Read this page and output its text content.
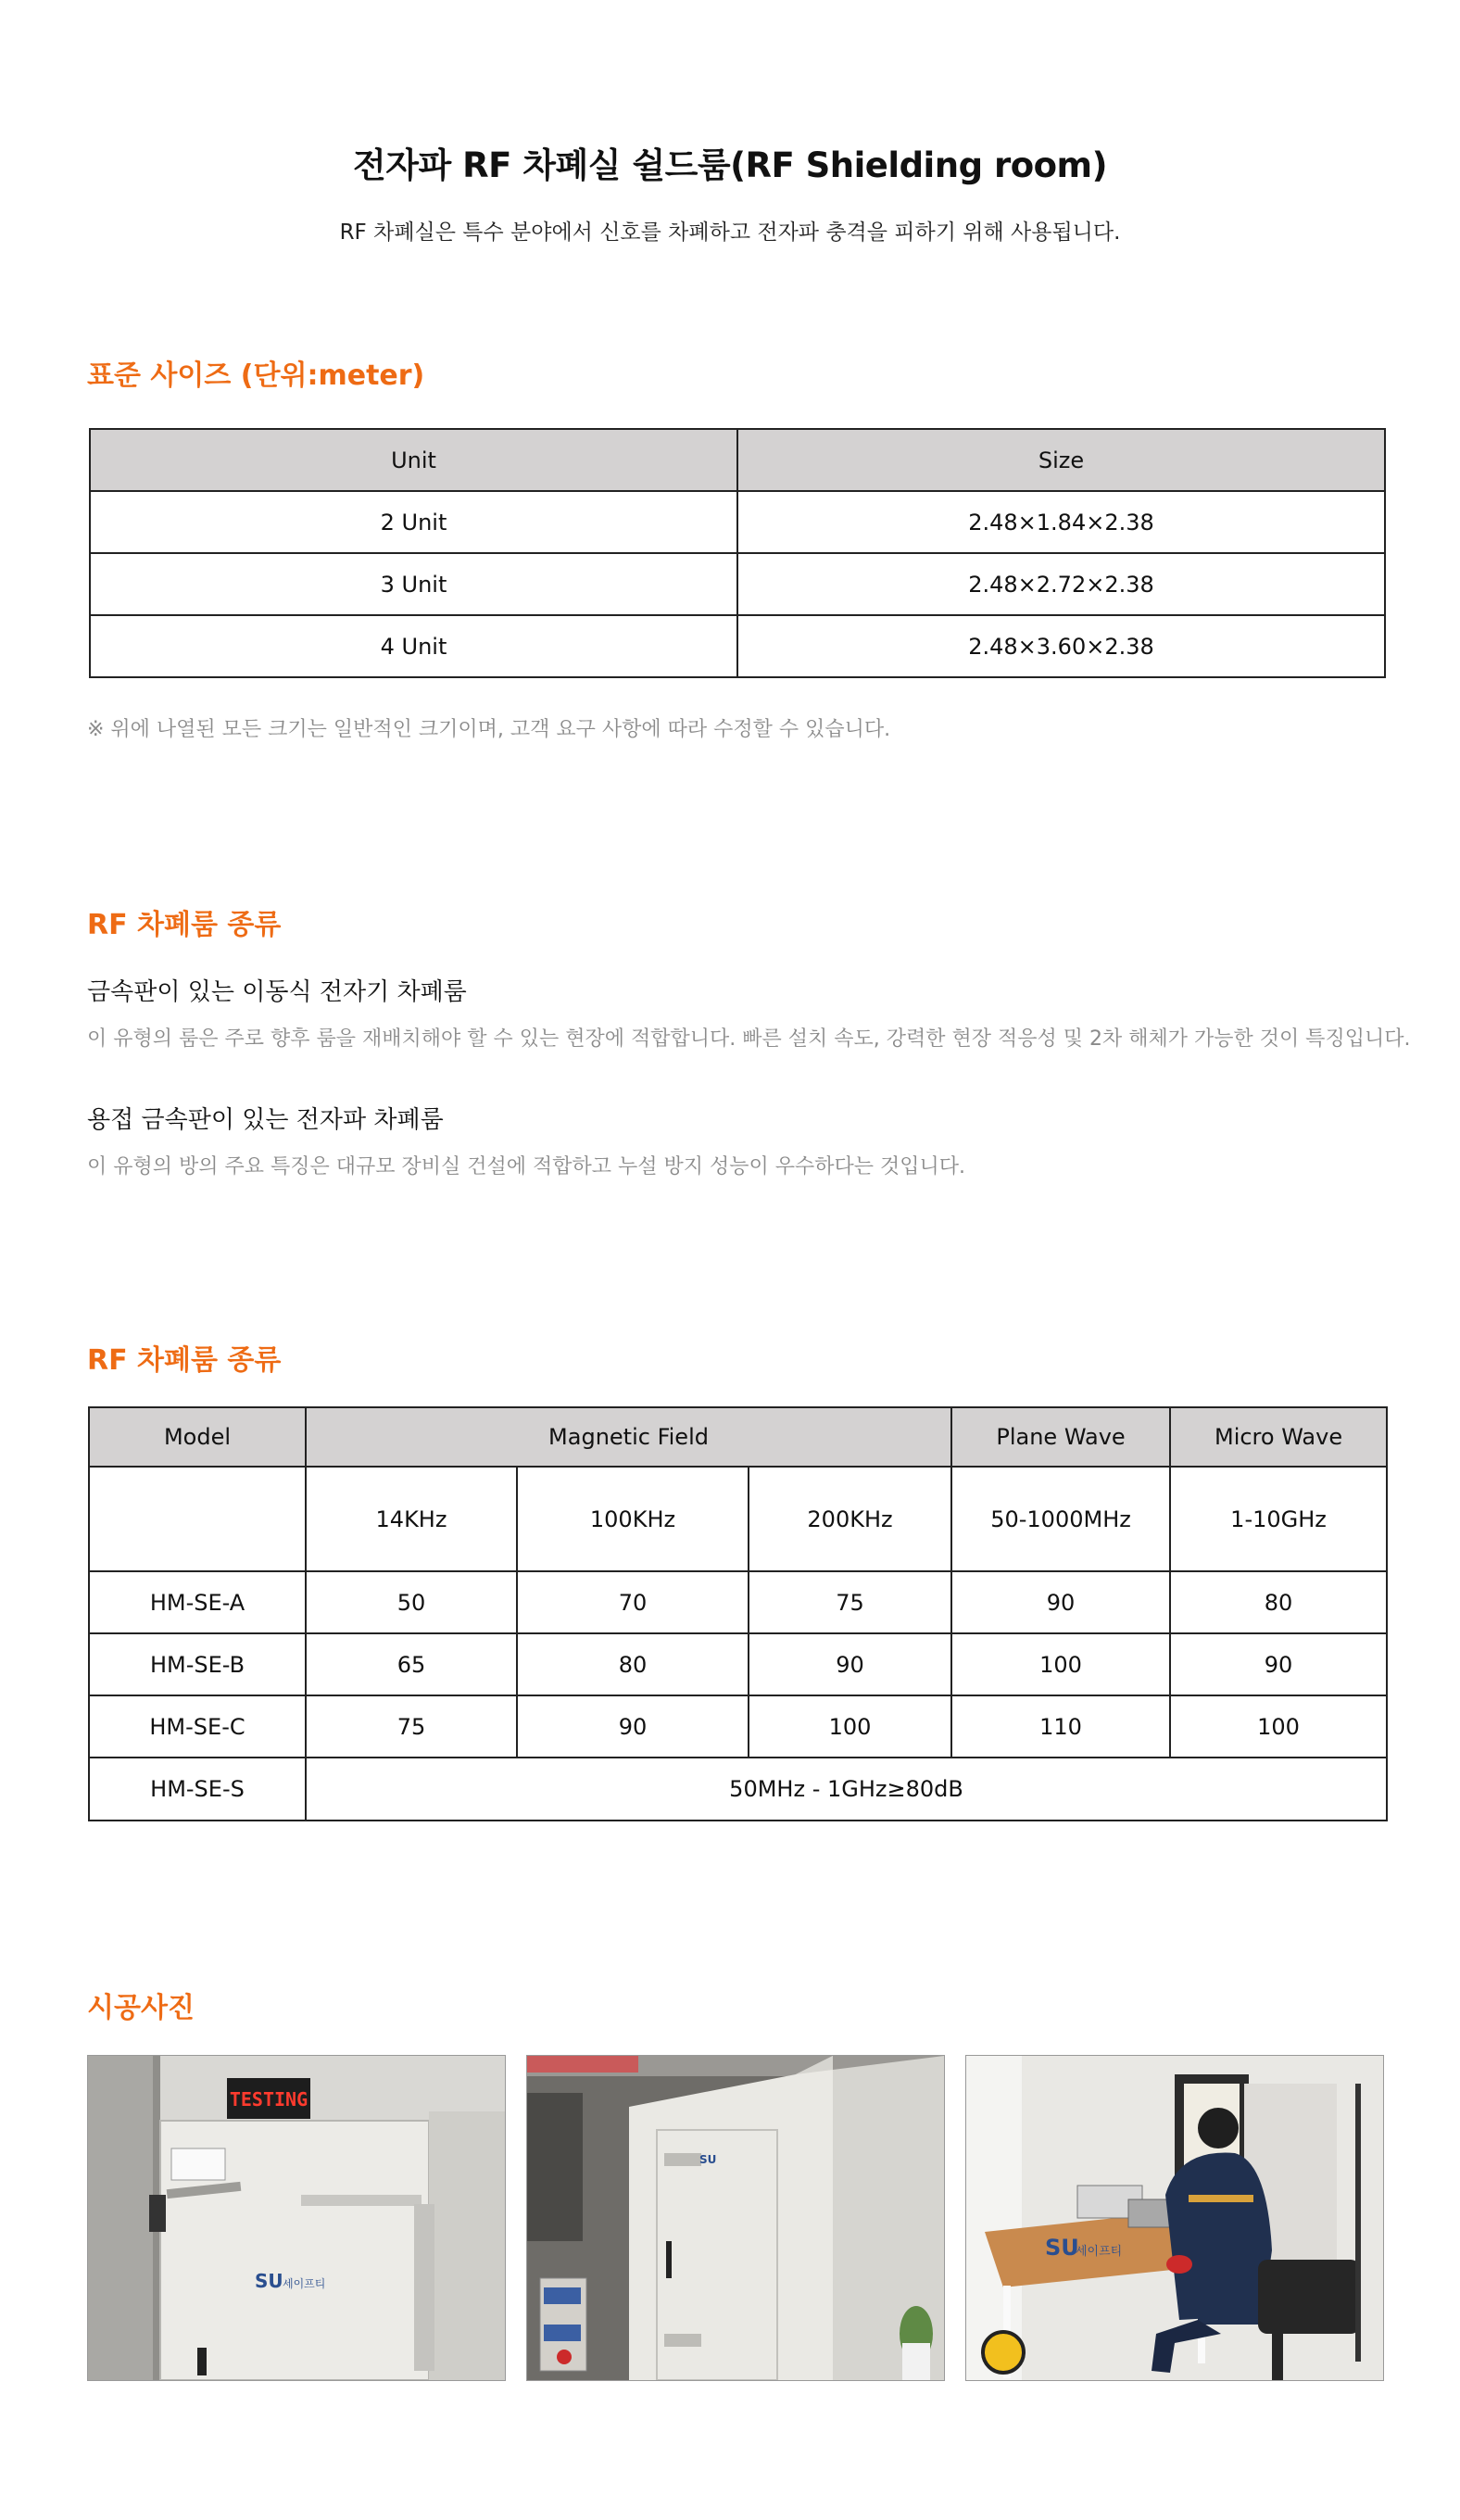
전자파 RF 차폐실 쉴드룸(RF Shielding room)

RF 차폐실은 특수 분야에서 신호를 차폐하고 전자파 충격을 피하기 위해 사용됩니다.

표준 사이즈 (단위:meter)
Unit	Size
2 Unit	2.48×1.84×2.38
3 Unit	2.48×2.72×2.38
4 Unit	2.48×3.60×2.38

※ 위에 나열된 모든 크기는 일반적인 크기이며, 고객 요구 사항에 따라 수정할 수 있습니다.

RF 차폐룸 종류
금속판이 있는 이동식 전자기 차폐룸

이 유형의 룸은 주로 향후 룸을 재배치해야 할 수 있는 현장에 적합합니다. 빠른 설치 속도, 강력한 현장 적응성 및 2차 해체가 가능한 것이 특징입니다.

용접 금속판이 있는 전자파 차폐룸

이 유형의 방의 주요 특징은 대규모 장비실 건설에 적합하고 누설 방지 성능이 우수하다는 것입니다.

RF 차폐룸 종류
Model	Magnetic Field			Plane Wave	Micro Wave
	14KHz	100KHz	200KHz	50-1000MHz	1-10GHz
HM-SE-A	50	70	75	90	80
HM-SE-B	65	80	90	100	90
HM-SE-C	75	90	100	110	100
HM-SE-S	50MHz - 1GHz≥80dB				
시공사진
TESTING
SU 세이프티
SU
SU
세이프티
